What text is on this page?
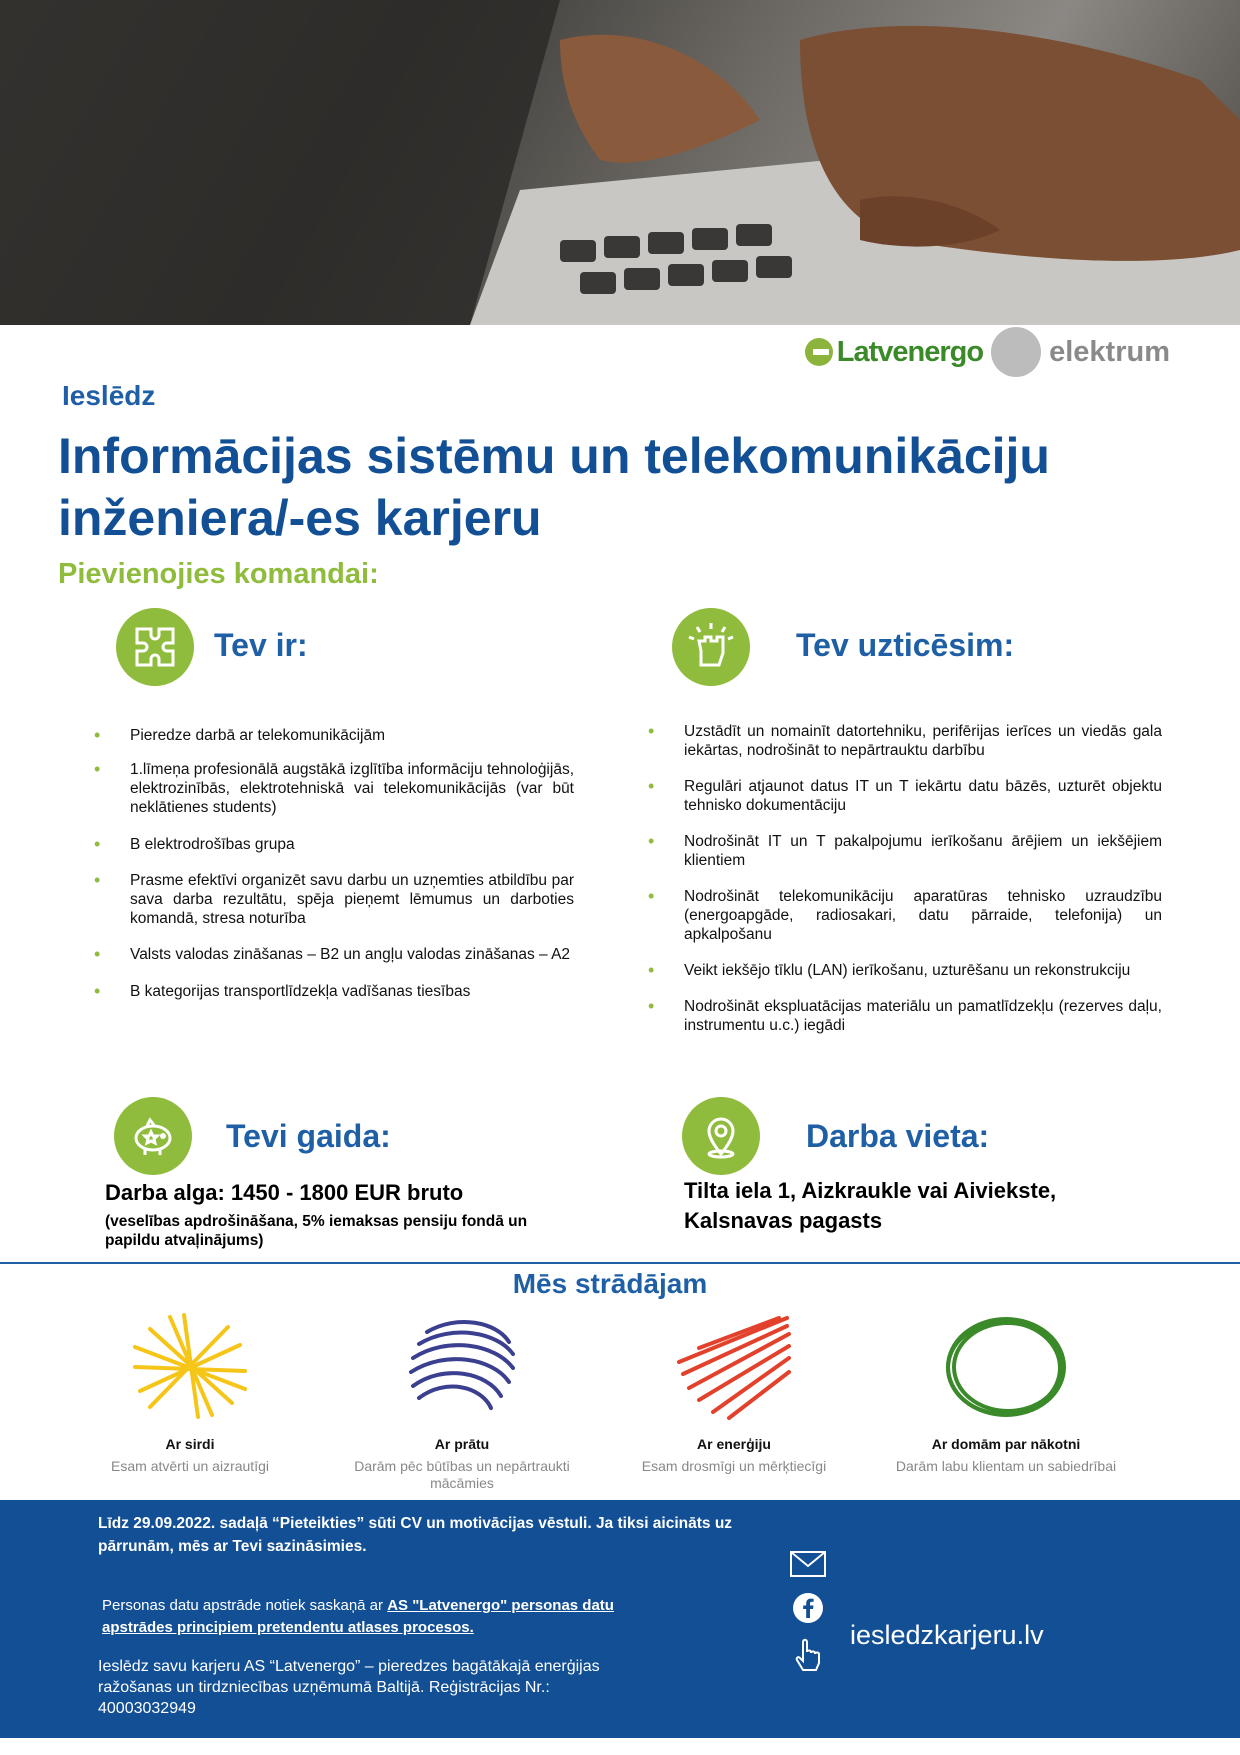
Latvenergo elektrum
Ieslēdz
Informācijas sistēmu un telekomunikāciju inženiera/-es karjeru
Pievienojies komandai:
Tev ir:
• Pieredze darbā ar telekomunikācijām
• 1.līmeņa profesionālā augstākā izglītība informāciju tehnoloģijās, elektrozinībās, elektrotehniskā vai telekomunikācijās (var būt neklātienes students)
• B elektrodrošības grupa
• Prasme efektīvi organizēt savu darbu un uzņemties atbildību par sava darba rezultātu, spēja pieņemt lēmumus un darboties komandā, stresa noturība
• Valsts valodas zināšanas – B2 un angļu valodas zināšanas – A2
• B kategorijas transportlīdzekļa vadīšanas tiesības
Tev uzticēsim:
• Uzstādīt un nomainīt datortehniku, perifērijas ierīces un viedās gala iekārtas, nodrošināt to nepārtrauktu darbību
• Regulāri atjaunot datus IT un T iekārtu datu bāzēs, uzturēt objektu tehnisko dokumentāciju
• Nodrošināt IT un T pakalpojumu ierīkošanu ārējiem un iekšējiem klientiem
• Nodrošināt telekomunikāciju aparatūras tehnisko uzraudzību (energoapgāde, radiosakari, datu pārraide, telefonija) un apkalpošanu
• Veikt iekšējo tīklu (LAN) ierīkošanu, uzturēšanu un rekonstrukciju
• Nodrošināt ekspluatācijas materiālu un pamatlīdzekļu (rezerves daļu, instrumentu u.c.) iegādi
Tevi gaida:
Darba alga: 1450 - 1800 EUR bruto
(veselības apdrošināšana, 5% iemaksas pensiju fondā un papildu atvaļinājums)
Darba vieta:
Tilta iela 1, Aizkraukle vai Aiviekste, Kalsnavas pagasts
Mēs strādājam
Ar sirdi
Esam atvērti un aizrautīgi
Ar prātu
Darām pēc būtības un nepārtraukti mācāmies
Ar enerģiju
Esam drosmīgi un mērķtiecīgi
Ar domām par nākotni
Darām labu klientam un sabiedrībai
Līdz 29.09.2022. sadaļā “Pieteikties” sūti CV un motivācijas vēstuli. Ja tiksi aicināts uz pārrunām, mēs ar Tevi sazināsimies.
Personas datu apstrāde notiek saskaņā ar AS "Latvenergo" personas datu apstrādes principiem pretendentu atlases procesos.
Ieslēdz savu karjeru AS “Latvenergo” – pieredzes bagātākajā enerģijas ražošanas un tirdzniecības uzņēmumā Baltijā. Reģistrācijas Nr.: 40003032949
iesledzkarjeru.lv
